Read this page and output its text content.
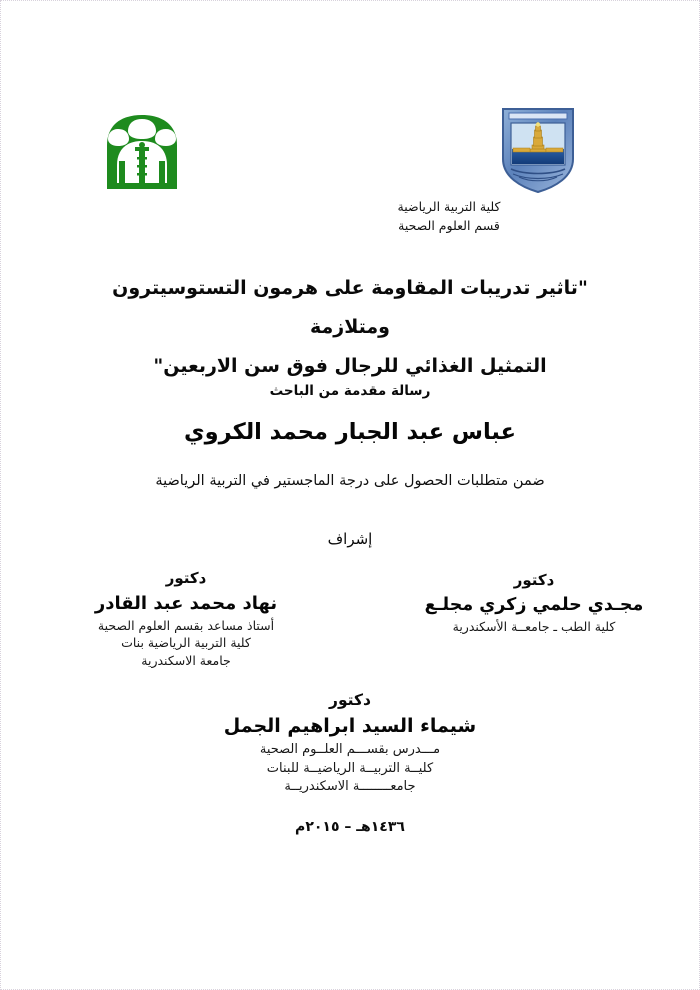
كلية التربية الرياضية
قسم العلوم الصحية
"تاثير تدريبات المقاومة على هرمون التستوسيترون ومتلازمة
التمثيل الغذائي للرجال فوق سن الاربعين"
رسالة مقدمة من الباحث
عباس عبد الجبار محمد الكروي
ضمن متطلبات الحصول على درجة الماجستير في التربية الرياضية
إشراف
دكتور
نهاد محمد عبد القادر
أستاذ مساعد بقسم العلوم الصحية
كلية التربية الرياضية بنات
جامعة الاسكندرية
دكتور
مجـدي حلمي زكري مجلـع
كلية الطب ـ جامعــة الأسكندرية
دكتور
شيماء السيد ابراهيم الجمل
مـــدرس بقســـم العلــوم الصحية
كليــة التربيــة الرياضيــة للبنات
جامعــــــــة الاسكندريــة
١٤٣٦هـ – ٢٠١٥م
